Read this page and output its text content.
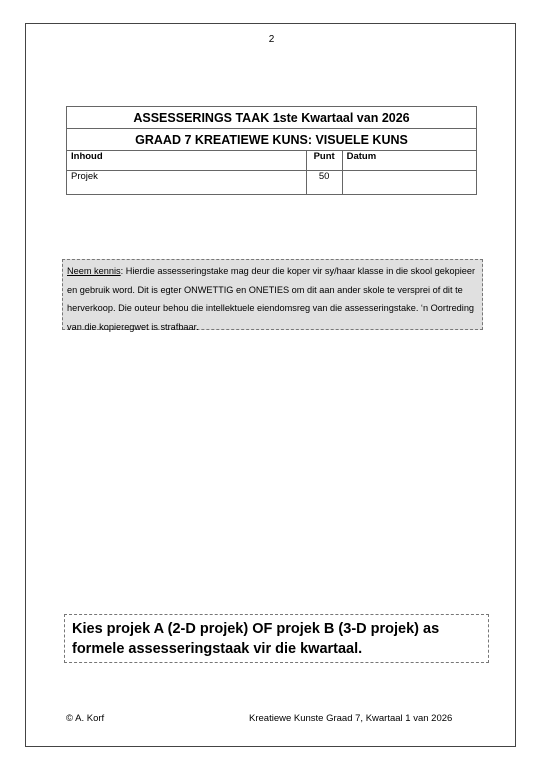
2
ASSESSERINGS TAAK 1ste Kwartaal van 2026		
GRAAD 7 KREATIEWE KUNS: VISUELE KUNS		
Inhoud	Punt	Datum
Projek	50	
Neem kennis: Hierdie assesseringstake mag deur die koper vir sy/haar klasse in die skool gekopieer en gebruik word. Dit is egter ONWETTIG en ONETIES om dit aan ander skole te versprei of dit te herverkoop. Die outeur behou die intellektuele eiendomsreg van die assesseringstake. ‘n Oortreding van die kopieregwet is strafbaar.
Kies projek A (2-D projek) OF projek B (3-D projek) as formele assesseringstaak vir die kwartaal.
© A. Korf	Kreatiewe Kunste Graad 7, Kwartaal 1 van 2026
